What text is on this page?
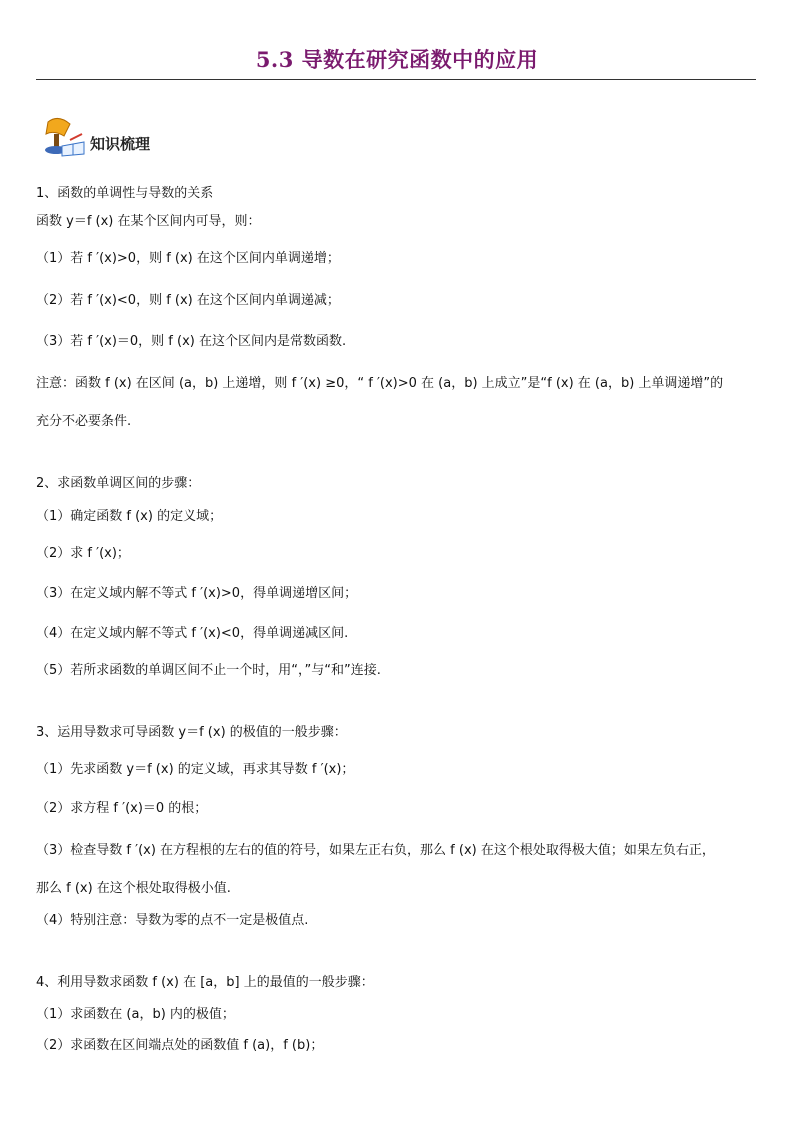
5.3 导数在研究函数中的应用
知识梳理
1、函数的单调性与导数的关系
函数 y＝f (x) 在某个区间内可导，则：
（1）若 f ′(x)>0，则 f (x) 在这个区间内单调递增；
（2）若 f ′(x)<0，则 f (x) 在这个区间内单调递减；
（3）若 f ′(x)＝0，则 f (x) 在这个区间内是常数函数.
注意：函数 f (x) 在区间 (a，b) 上递增，则 f ′(x) ≥0，“ f ′(x)>0 在 (a，b) 上成立”是“f (x) 在 (a，b) 上单调递增”的
充分不必要条件.
2、求函数单调区间的步骤：
（1）确定函数 f (x) 的定义域；
（2）求 f ′(x)；
（3）在定义域内解不等式 f ′(x)>0，得单调递增区间；
（4）在定义域内解不等式 f ′(x)<0，得单调递减区间.
（5）若所求函数的单调区间不止一个时，用“，”与“和”连接.
3、运用导数求可导函数 y＝f (x) 的极值的一般步骤：
（1）先求函数 y＝f (x) 的定义域，再求其导数 f ′(x)；
（2）求方程 f ′(x)＝0 的根；
（3）检查导数 f ′(x) 在方程根的左右的值的符号，如果左正右负，那么 f (x) 在这个根处取得极大值；如果左负右正，
那么 f (x) 在这个根处取得极小值.
（4）特别注意：导数为零的点不一定是极值点.
4、利用导数求函数 f (x) 在 [a，b] 上的最值的一般步骤：
（1）求函数在 (a，b) 内的极值；
（2）求函数在区间端点处的函数值 f (a)，f (b)；
